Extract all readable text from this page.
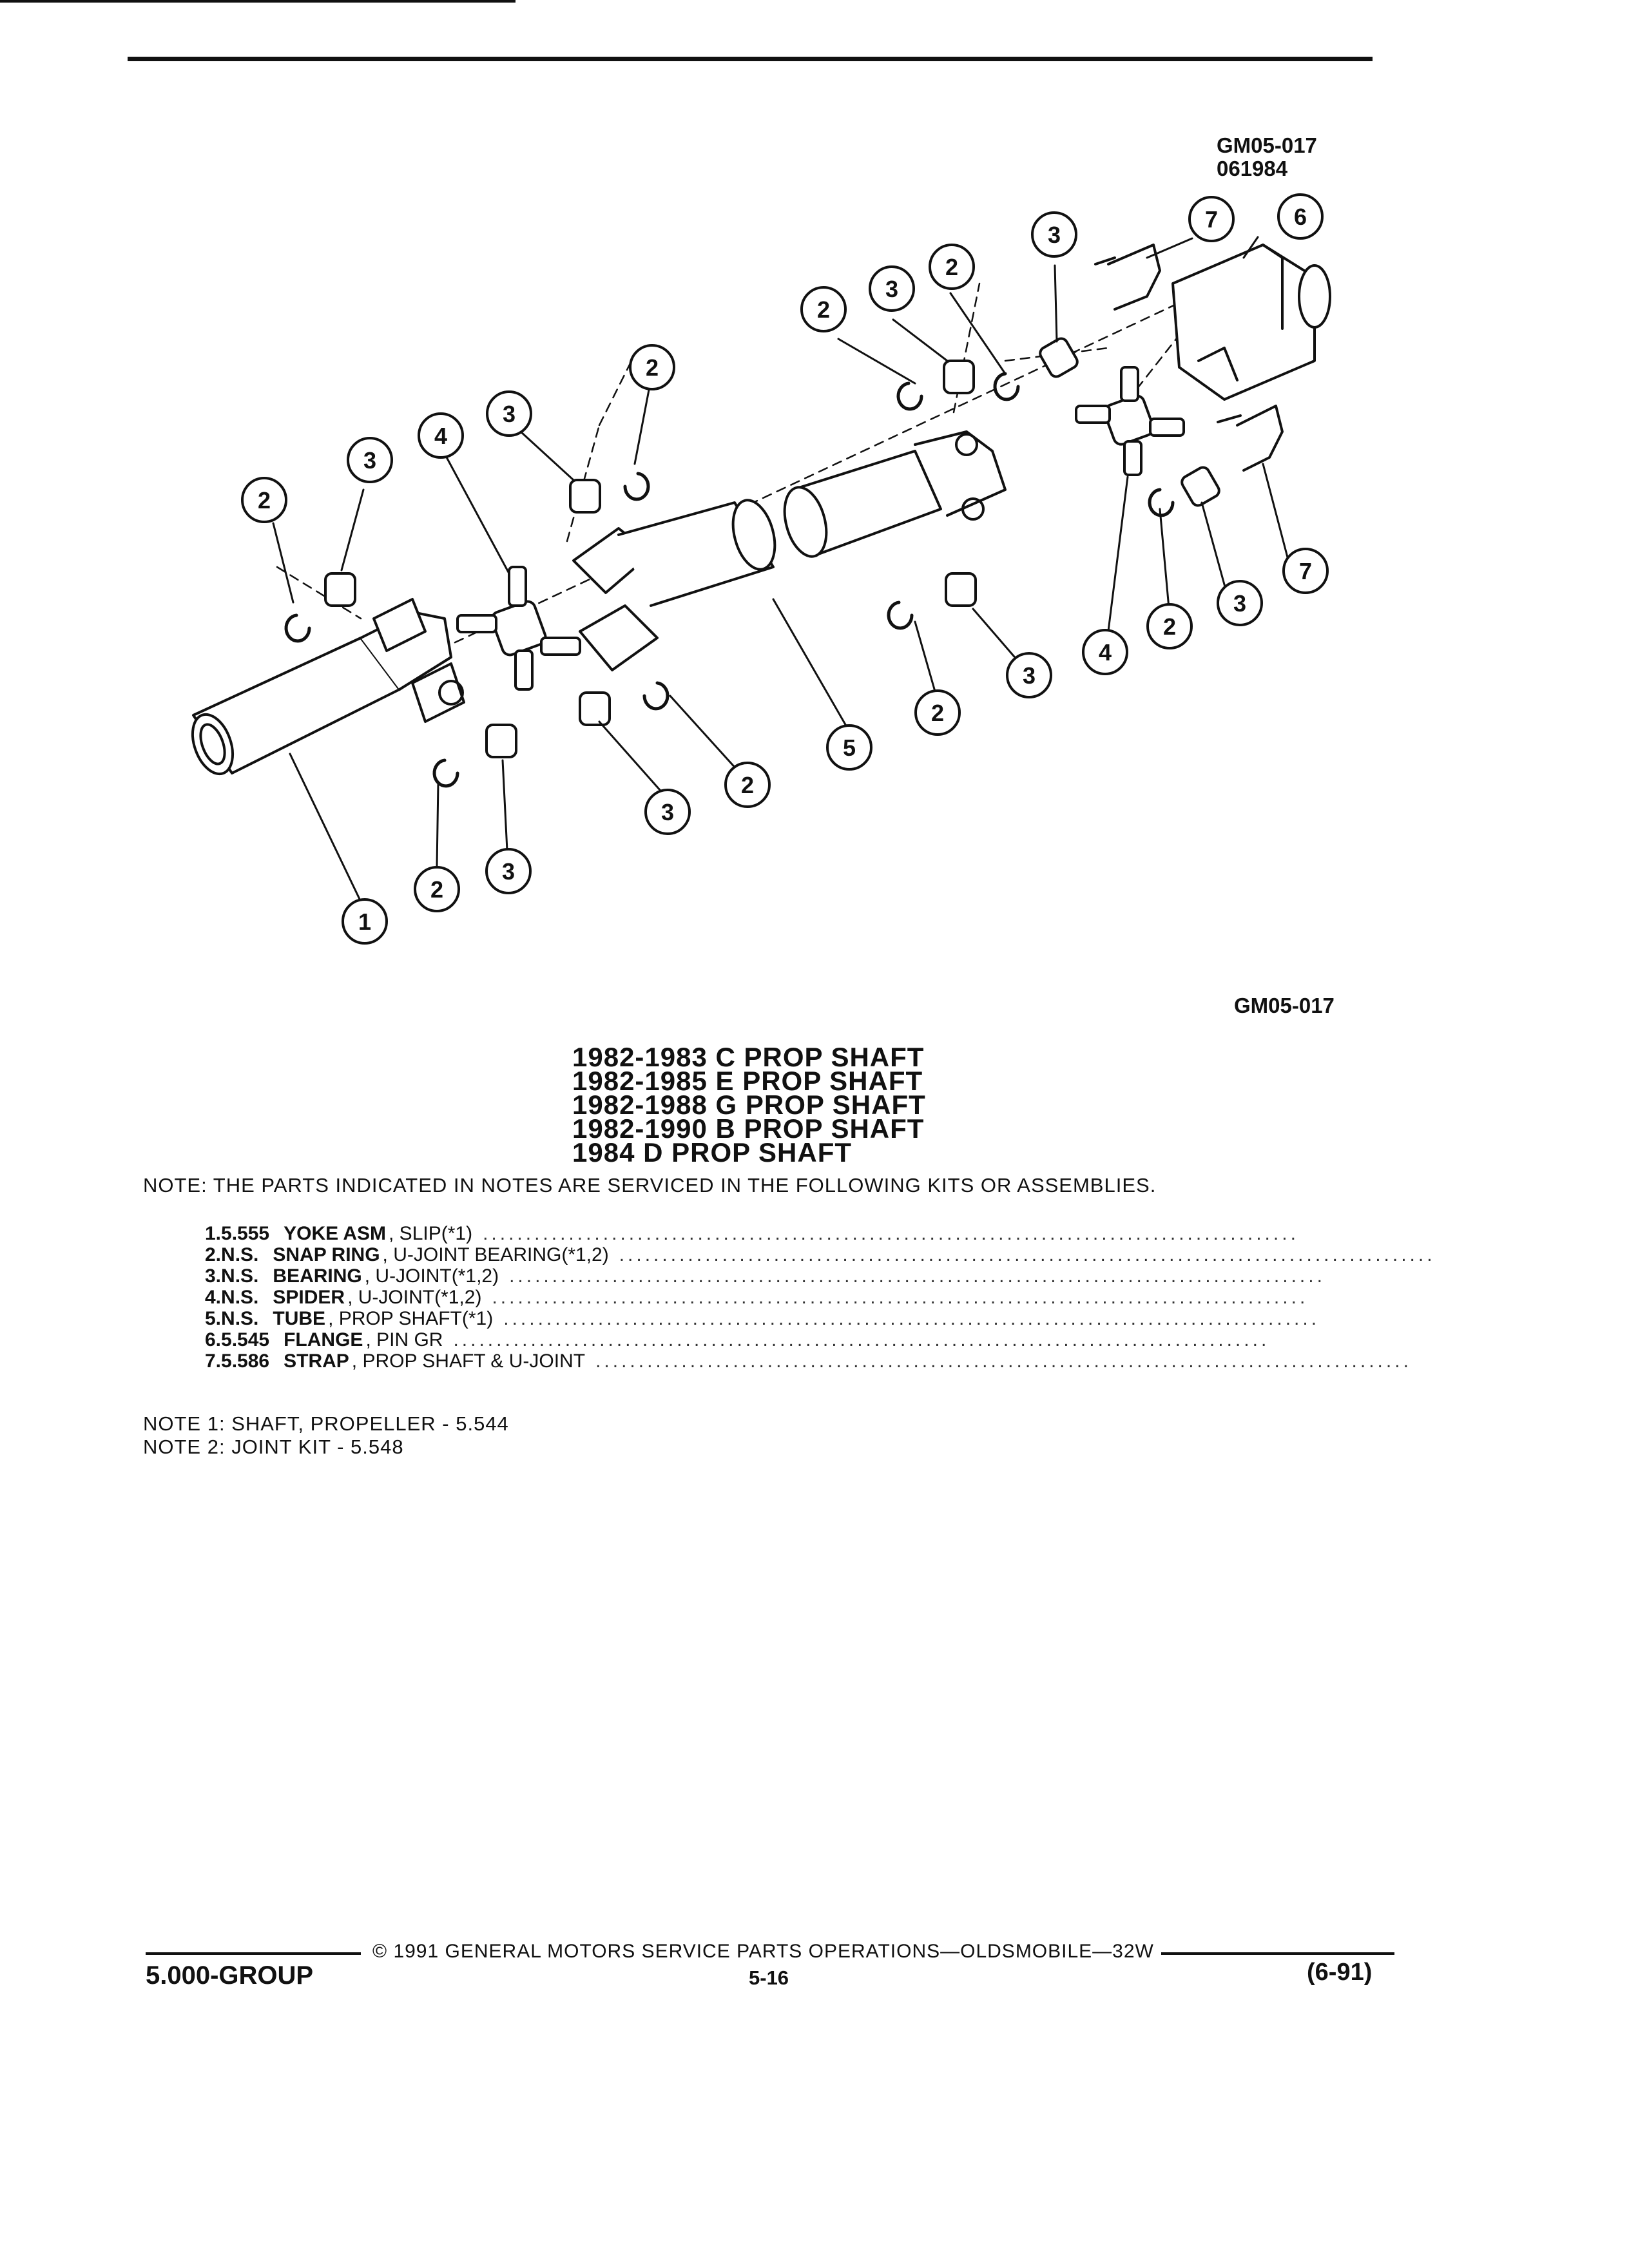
GM05-017
061984
1
2
3
2
3
4
3
2
2
3
2
3
7	6
7
3
2
4
3
2
5
2
3
GM05-017
1982-1983 C PROP SHAFT
1982-1985 E PROP SHAFT
1982-1988 G PROP SHAFT
1982-1990 B PROP SHAFT
1984 D PROP SHAFT
NOTE: THE PARTS INDICATED IN NOTES ARE SERVICED IN THE FOLLOWING KITS OR ASSEMBLIES.
1. 5.555 YOKE ASM , SLIP(*1) ...............................................................................................
2. N.S. SNAP RING , U-JOINT BEARING(*1,2) ...............................................................................................
3. N.S. BEARING , U-JOINT(*1,2) ...............................................................................................
4. N.S. SPIDER , U-JOINT(*1,2) ...............................................................................................
5. N.S. TUBE , PROP SHAFT(*1) ...............................................................................................
6. 5.545 FLANGE , PIN GR ...............................................................................................
7. 5.586 STRAP , PROP SHAFT & U-JOINT ...............................................................................................
NOTE 1: SHAFT, PROPELLER - 5.544
NOTE 2: JOINT KIT - 5.548
© 1991 GENERAL MOTORS SERVICE PARTS OPERATIONS—OLDSMOBILE—32W
5.000-GROUP	5-16	(6-91)
